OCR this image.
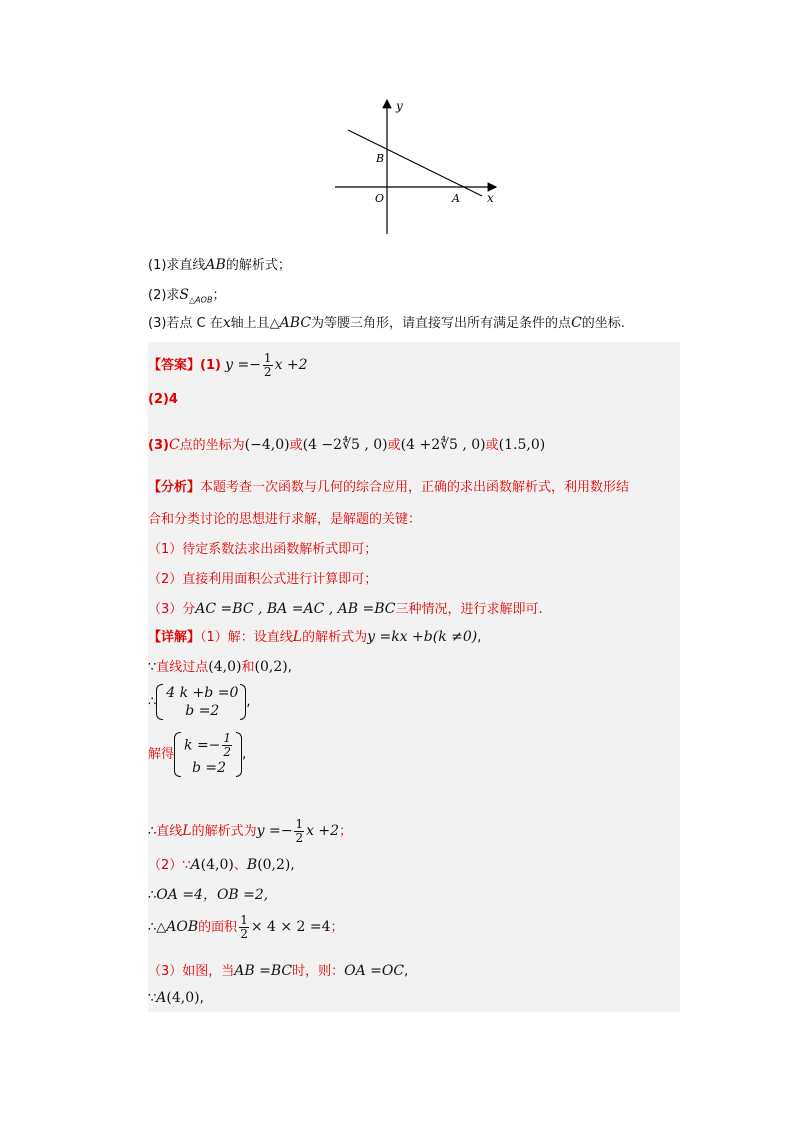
y
x
O	A
B
(1)求直线AB的解析式；
(2)求$S_{\triangle AOB}$；
(3)若点 C 在x轴上且△ABC为等腰三角形，请直接写出所有满足条件的点C的坐标.
【答案】(1) $y =- \frac{1}{2}$ x +2
(2)4
(3)C点的坐标为(−4,0)或(4 −2∜5 , 0)或(4 +2∜5 , 0)或(1.5,0)
【分析】本题考查一次函数与几何的综合应用，正确的求出函数解析式，利用数形结
合和分类讨论的思想进行求解，是解题的关键：
（1）待定系数法求出函数解析式即可；
（2）直接利用面积公式进行计算即可；
（3）分AC =BC , BA =AC , AB =BC三种情况，进行求解即可.
【详解】（1）解：设直线L的解析式为y =kx +b(k ≠0),
∵直线过点(4,0)和(0,2),
∴
4 k +b =0
b =2
,
解得
$k =- \frac{1}{2}$
b =2
,
∴直线L的解析式为$y =- \frac{1}{2}$ x +2；
（2）∵A(4,0)、B(0,2),
∴OA =4，OB =2,
∴△AOB的面积 $\frac{1}{2} \times 4 \times 2 =4$；
（3）如图，当AB =BC时，则：OA =OC,
∵A(4,0),
